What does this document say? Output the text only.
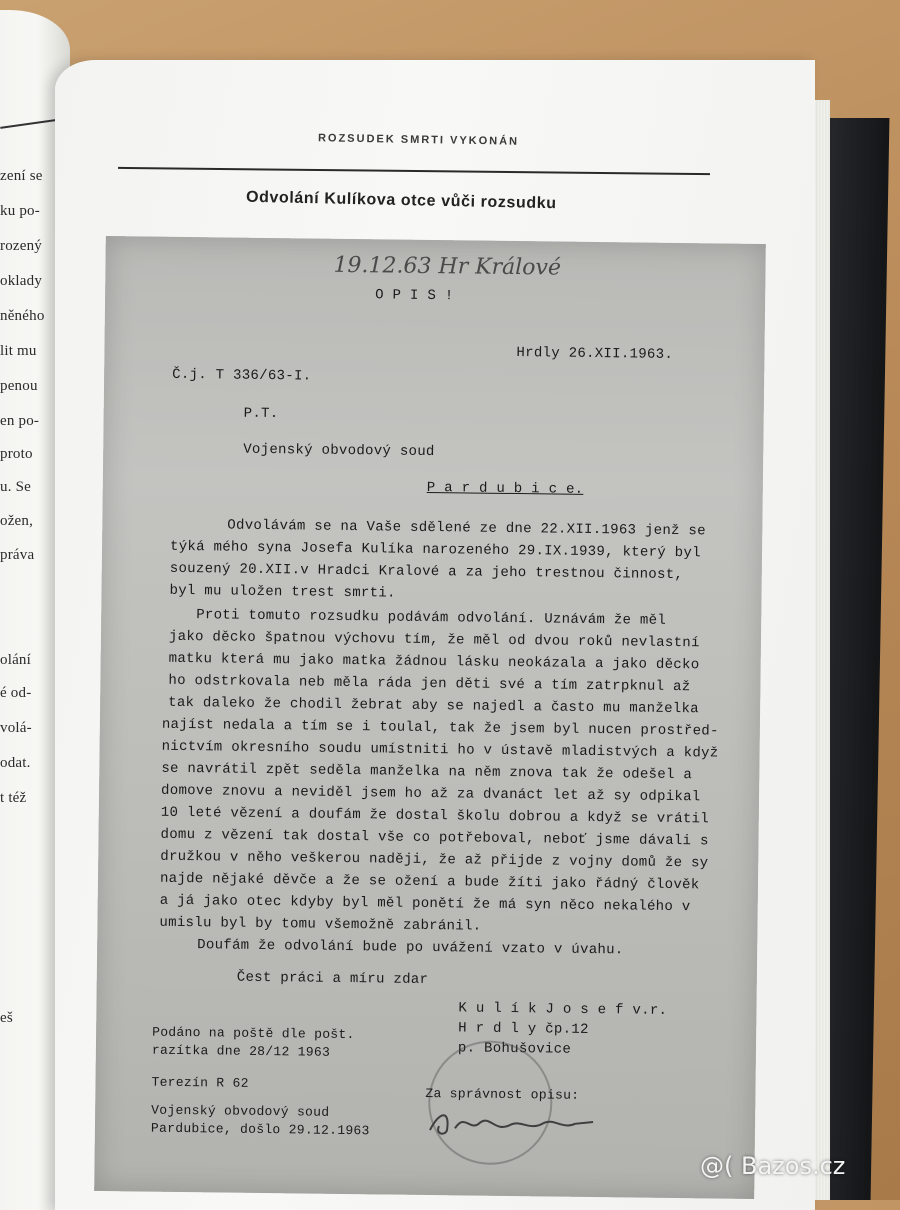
zení se
ku po-
rozený
oklady
něného
lit mu
penou
en po-
proto
u. Se
ožen,
práva
olání
é od-
volá-
odat.
t též
eš
ROZSUDEK SMRTI VYKONÁN
Odvolání Kulíkova otce vůči rozsudku
19.12.63 Hr Králové
O P I S !
Hrdly 26.XII.1963.
Č.j. T 336/63-I.
P.T.
Vojenský obvodový soud
P a r d u b i c e.
Odvolávám se na Vaše sdělené ze dne 22.XII.1963 jenž se
týká mého syna Josefa Kulíka narozeného 29.IX.1939, který byl
souzený 20.XII.v Hradci Kralové a za jeho trestnou činnost,
byl mu uložen trest smrti.
Proti tomuto rozsudku podávám odvolání. Uznávám že měl
jako děcko špatnou výchovu tím, že měl od dvou roků nevlastní
matku která mu jako matka žádnou lásku neokázala a jako děcko
ho odstrkovala neb měla ráda jen děti své a tím zatrpknul až
tak daleko že chodil žebrat aby se najedl a často mu manželka
najíst nedala a tím se i toulal, tak že jsem byl nucen prostřed-
nictvím okresního soudu umístniti ho v ústavě mladistvých a když
se navrátil zpět seděla manželka na něm znova tak že odešel a
domove znovu a neviděl jsem ho až za dvanáct let až sy odpikal
10 leté vězení a doufám že dostal školu dobrou a když se vrátil
domu z vězení tak dostal vše co potřeboval, neboť jsme dávali s
družkou v něho veškerou naději, že až přijde z vojny domů že sy
najde nějaké děvče a že se ožení a bude žíti jako řádný člověk
a já jako otec kdyby byl měl ponětí že má syn něco nekalého v
umislu byl by tomu všemožně zabránil.
Doufám že odvolání bude po uvážení vzato v úvahu.
Čest práci a míru zdar
K u l í k J o s e f v.r.
H r d l y čp.12
p. Bohušovice
Podáno na poště dle pošt.
razítka dne 28/12 1963
Terezín R 62
Vojenský obvodový soud
Pardubice, došlo 29.12.1963
Za správnost opisu:
@( Bazos.cz
